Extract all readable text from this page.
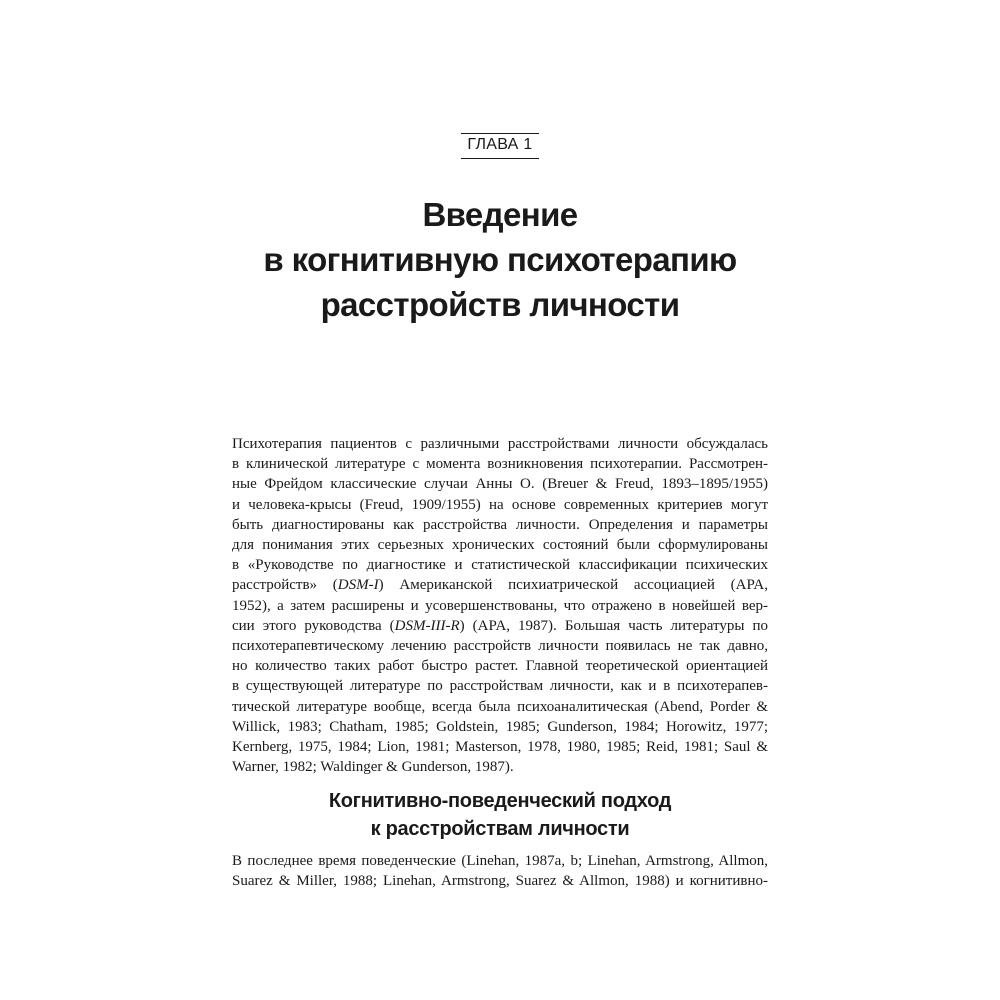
ГЛАВА 1
Введение
в когнитивную психотерапию
расстройств личности
Психотерапия пациентов с различными расстройствами личности обсуждалась
в клинической литературе с момента возникновения психотерапии. Рассмотрен-
ные Фрейдом классические случаи Анны О. (Breuer & Freud, 1893–1895/1955)
и человека-крысы (Freud, 1909/1955) на основе современных критериев могут
быть диагностированы как расстройства личности. Определения и параметры
для понимания этих серьезных хронических состояний были сформулированы
в «Руководстве по диагностике и статистической классификации психических
расстройств» (DSM-I) Американской психиатрической ассоциацией (APA,
1952), а затем расширены и усовершенствованы, что отражено в новейшей вер-
сии этого руководства (DSM-III-R) (APA, 1987). Большая часть литературы по
психотерапевтическому лечению расстройств личности появилась не так давно,
но количество таких работ быстро растет. Главной теоретической ориентацией
в существующей литературе по расстройствам личности, как и в психотерапев-
тической литературе вообще, всегда была психоаналитическая (Abend, Porder &
Willick, 1983; Chatham, 1985; Goldstein, 1985; Gunderson, 1984; Horowitz, 1977;
Kernberg, 1975, 1984; Lion, 1981; Masterson, 1978, 1980, 1985; Reid, 1981; Saul &
Warner, 1982; Waldinger & Gunderson, 1987).
Когнитивно-поведенческий подход
к расстройствам личности
В последнее время поведенческие (Linehan, 1987a, b; Linehan, Armstrong, Allmon,
Suarez & Miller, 1988; Linehan, Armstrong, Suarez & Allmon, 1988) и когнитивно-
